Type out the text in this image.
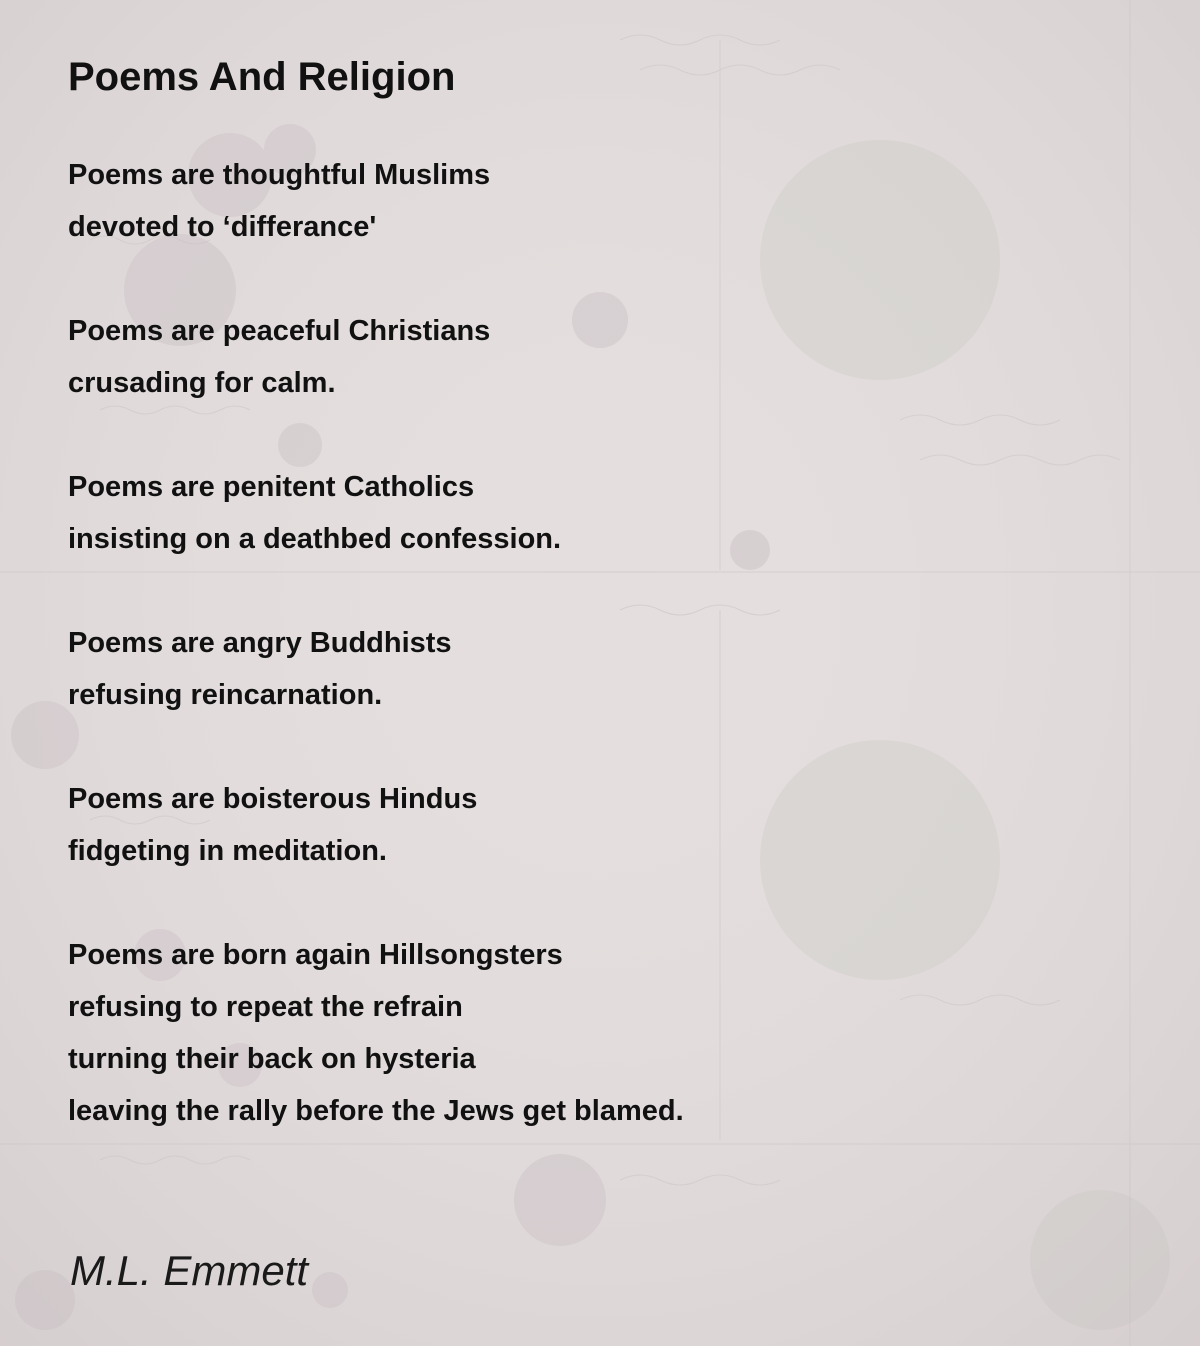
Poems And Religion
Poems are thoughtful Muslims
devoted to ‘differance'
Poems are peaceful Christians
crusading for calm.
Poems are penitent Catholics
insisting on a deathbed confession.
Poems are angry Buddhists
refusing reincarnation.
Poems are boisterous Hindus
fidgeting in meditation.
Poems are born again Hillsongsters
refusing to repeat the refrain
turning their back on hysteria
leaving the rally before the Jews get blamed.
M.L. Emmett
